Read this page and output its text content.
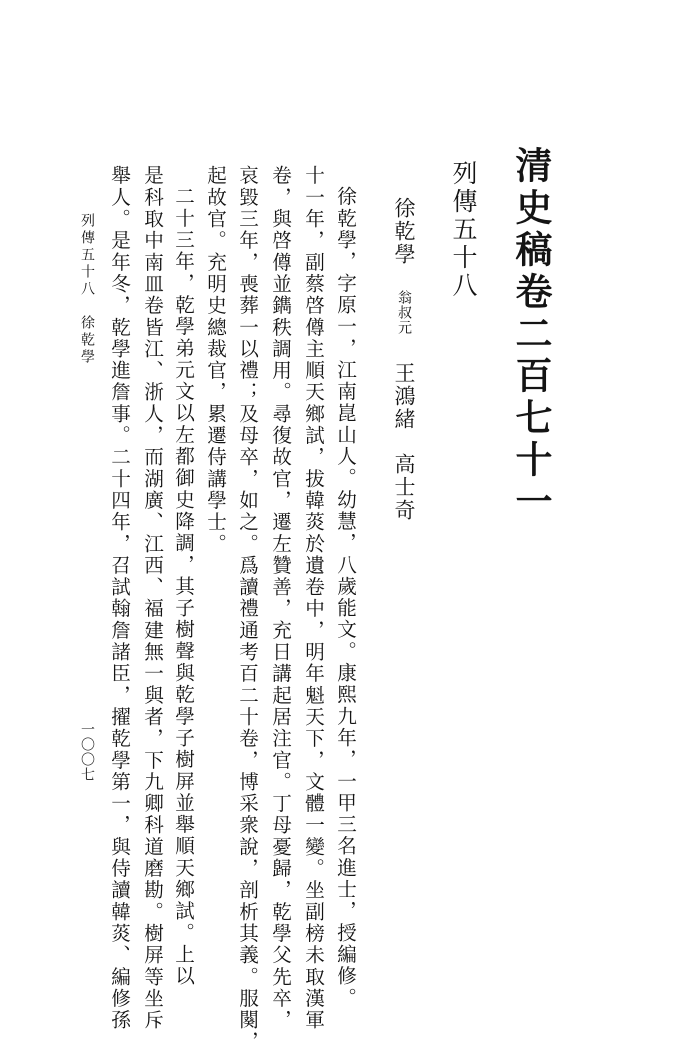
清史稿卷二百七十一
列傳五十八
徐乾學
翁叔元
王鴻緒
高士奇
徐乾學，字原一，江南崑山人。幼慧，八歲能文。康熙九年，一甲三名進士，授編修。
十一年，副蔡啓僔主順天鄉試，拔韓菼於遺卷中，明年魁天下，文體一變。坐副榜未取漢軍
卷，與啓僔並鐫秩調用。尋復故官，遷左贊善，充日講起居注官。丁母憂歸，乾學父先卒，
哀毀三年，喪葬一以禮；及母卒，如之。爲讀禮通考百二十卷，博采衆說，剖析其義。服闋，
起故官。充明史總裁官，累遷侍講學士。
二十三年，乾學弟元文以左都御史降調，其子樹聲與乾學子樹屏並舉順天鄉試。上以
是科取中南皿卷皆江、浙人，而湖廣、江西、福建無一與者，下九卿科道磨勘。樹屏等坐斥
舉人。是年冬，乾學進詹事。二十四年，召試翰詹諸臣，擢乾學第一，與侍讀韓菼、編修孫
列傳五十八　徐乾學
一〇〇七
